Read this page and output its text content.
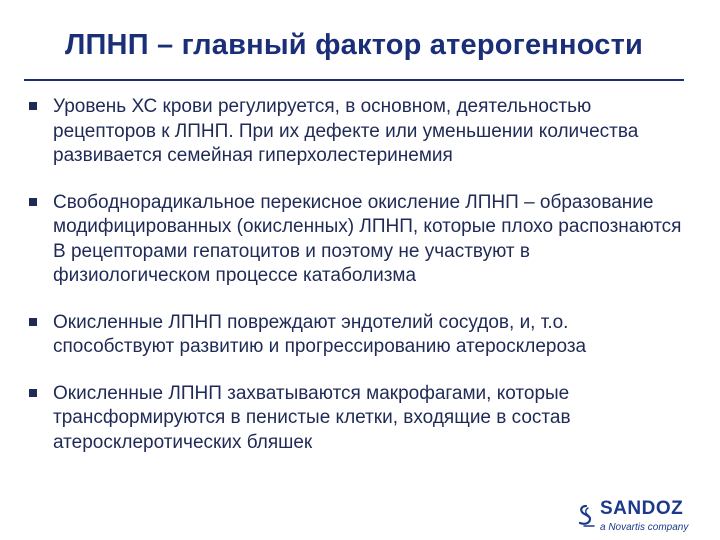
ЛПНП – главный фактор атерогенности
Уровень ХС крови регулируется, в основном, деятельностью рецепторов к ЛПНП. При их дефекте или уменьшении количества развивается семейная гиперхолестеринемия
Свободнорадикальное перекисное окисление ЛПНП – образование модифицированных (окисленных) ЛПНП, которые плохо распознаются В рецепторами гепатоцитов и поэтому не участвуют в физиологическом процессе катаболизма
Окисленные ЛПНП повреждают эндотелий сосудов, и, т.о. способствуют развитию и прогрессированию атеросклероза
Окисленные ЛПНП захватываются макрофагами, которые трансформируются в пенистые клетки, входящие в состав атеросклеротических бляшек
SANDOZ
a Novartis company
